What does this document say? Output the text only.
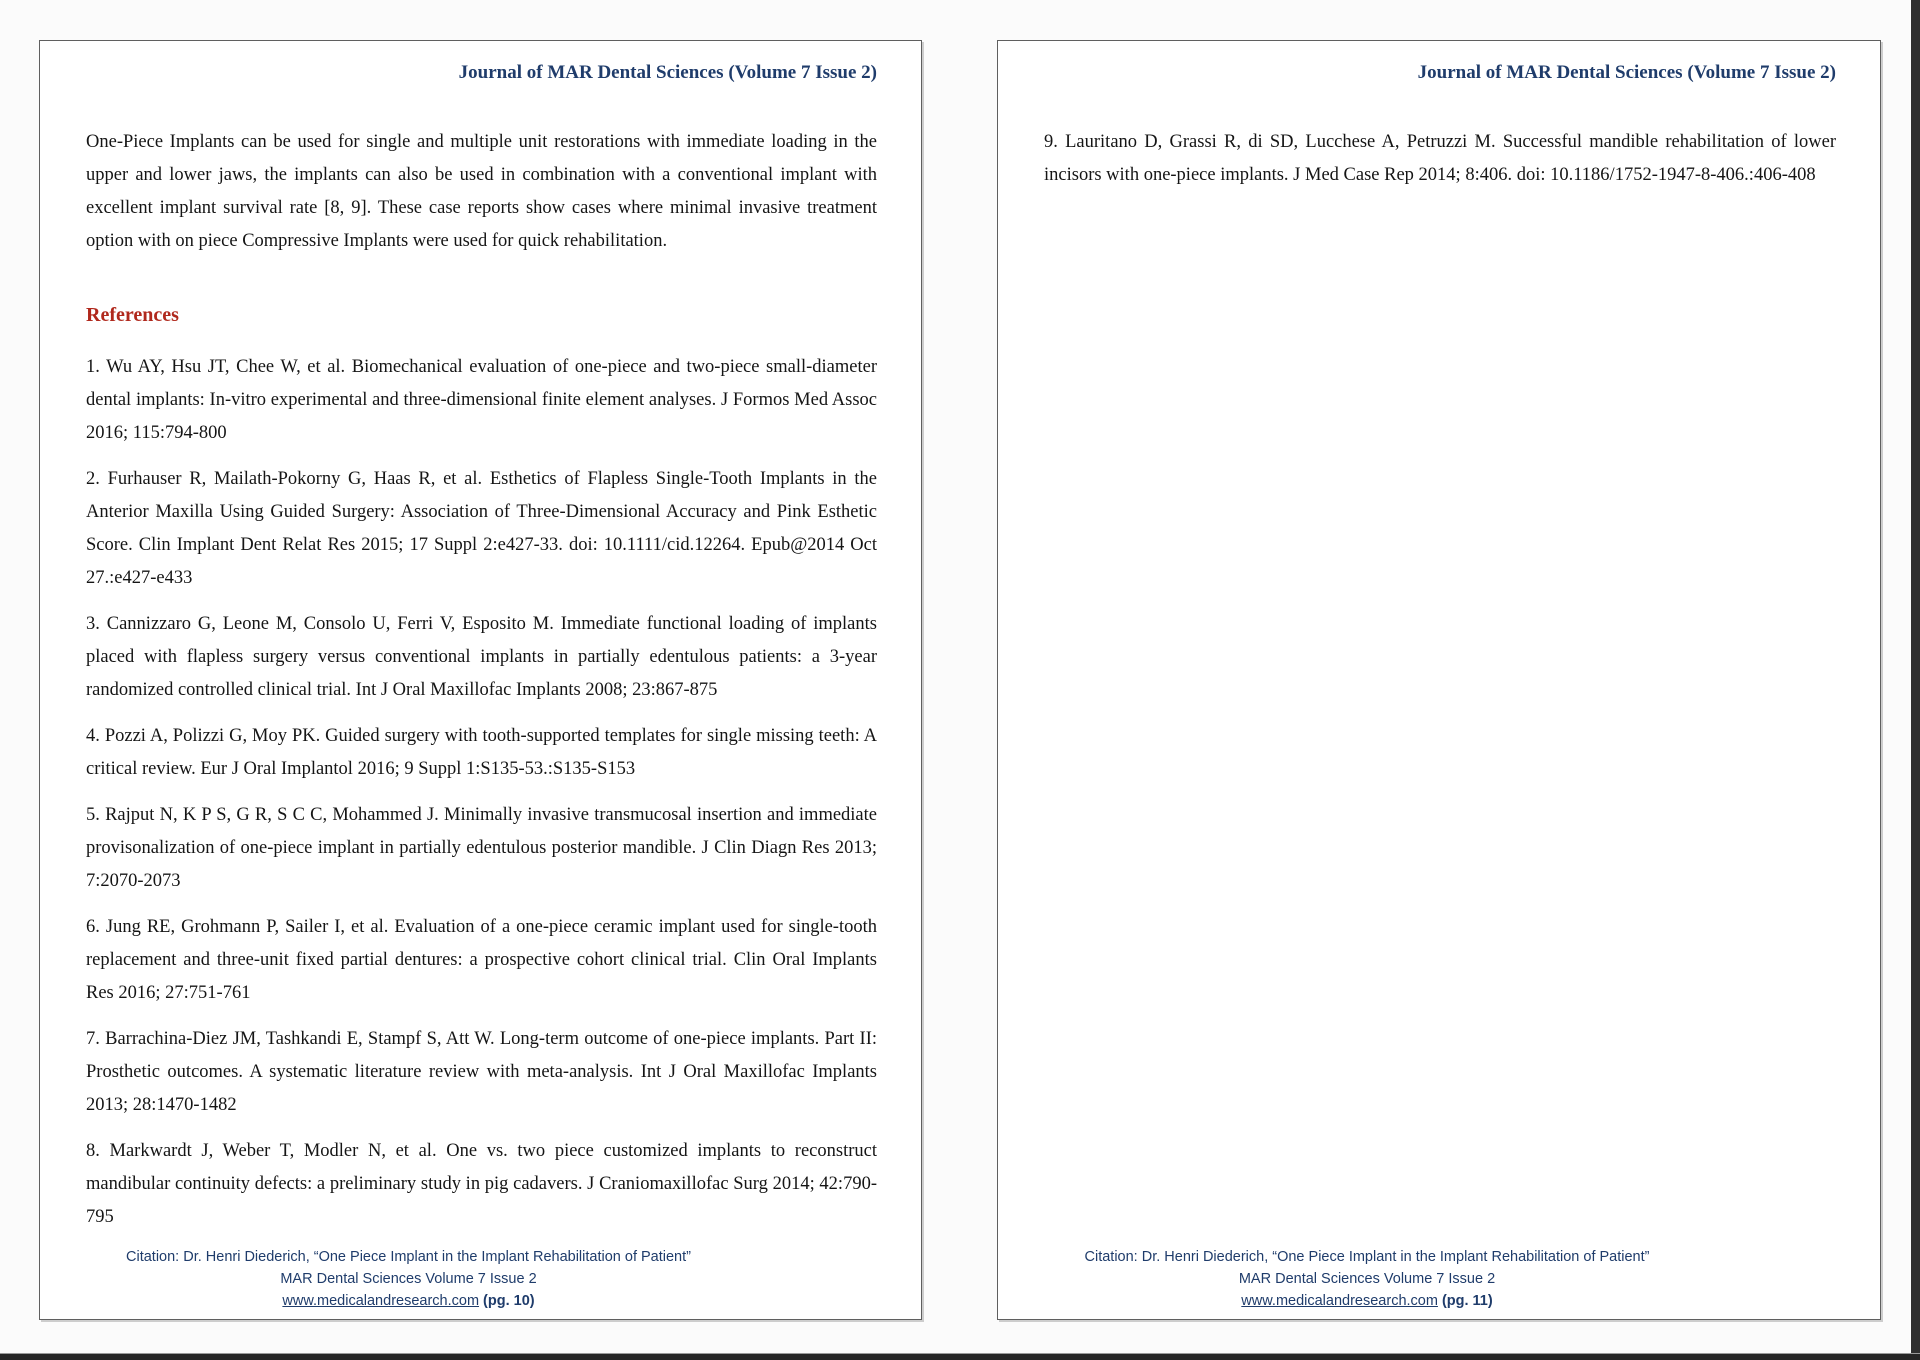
Journal of MAR Dental Sciences (Volume 7 Issue 2)

One-Piece Implants can be used for single and multiple unit restorations with immediate loading in the upper and lower jaws, the implants can also be used in combination with a conventional implant with excellent implant survival rate [8, 9]. These case reports show cases where minimal invasive treatment option with on piece Compressive Implants were used for quick rehabilitation.

References

1. Wu AY, Hsu JT, Chee W, et al. Biomechanical evaluation of one-piece and two-piece small-diameter dental implants: In-vitro experimental and three-dimensional finite element analyses. J Formos Med Assoc 2016; 115:794-800

2. Furhauser R, Mailath-Pokorny G, Haas R, et al. Esthetics of Flapless Single-Tooth Implants in the Anterior Maxilla Using Guided Surgery: Association of Three-Dimensional Accuracy and Pink Esthetic Score. Clin Implant Dent Relat Res 2015; 17 Suppl 2:e427-33. doi: 10.1111/cid.12264. Epub@2014 Oct 27.:e427-e433

3. Cannizzaro G, Leone M, Consolo U, Ferri V, Esposito M. Immediate functional loading of implants placed with flapless surgery versus conventional implants in partially edentulous patients: a 3-year randomized controlled clinical trial. Int J Oral Maxillofac Implants 2008; 23:867-875

4. Pozzi A, Polizzi G, Moy PK. Guided surgery with tooth-supported templates for single missing teeth: A critical review. Eur J Oral Implantol 2016; 9 Suppl 1:S135-53.:S135-S153

5. Rajput N, K P S, G R, S C C, Mohammed J. Minimally invasive transmucosal insertion and immediate provisonalization of one-piece implant in partially edentulous posterior mandible. J Clin Diagn Res 2013; 7:2070-2073

6. Jung RE, Grohmann P, Sailer I, et al. Evaluation of a one-piece ceramic implant used for single-tooth replacement and three-unit fixed partial dentures: a prospective cohort clinical trial. Clin Oral Implants Res 2016; 27:751-761

7. Barrachina-Diez JM, Tashkandi E, Stampf S, Att W. Long-term outcome of one-piece implants. Part II: Prosthetic outcomes. A systematic literature review with meta-analysis. Int J Oral Maxillofac Implants 2013; 28:1470-1482

8. Markwardt J, Weber T, Modler N, et al. One vs. two piece customized implants to reconstruct mandibular continuity defects: a preliminary study in pig cadavers. J Craniomaxillofac Surg 2014; 42:790-795

Citation: Dr. Henri Diederich, “One Piece Implant in the Implant Rehabilitation of Patient”
MAR Dental Sciences Volume 7 Issue 2
www.medicalandresearch.com (pg. 10)
Journal of MAR Dental Sciences (Volume 7 Issue 2)

9. Lauritano D, Grassi R, di SD, Lucchese A, Petruzzi M. Successful mandible rehabilitation of lower incisors with one-piece implants. J Med Case Rep 2014; 8:406. doi: 10.1186/1752-1947-8-406.:406-408

Citation: Dr. Henri Diederich, “One Piece Implant in the Implant Rehabilitation of Patient”
MAR Dental Sciences Volume 7 Issue 2
www.medicalandresearch.com (pg. 11)
